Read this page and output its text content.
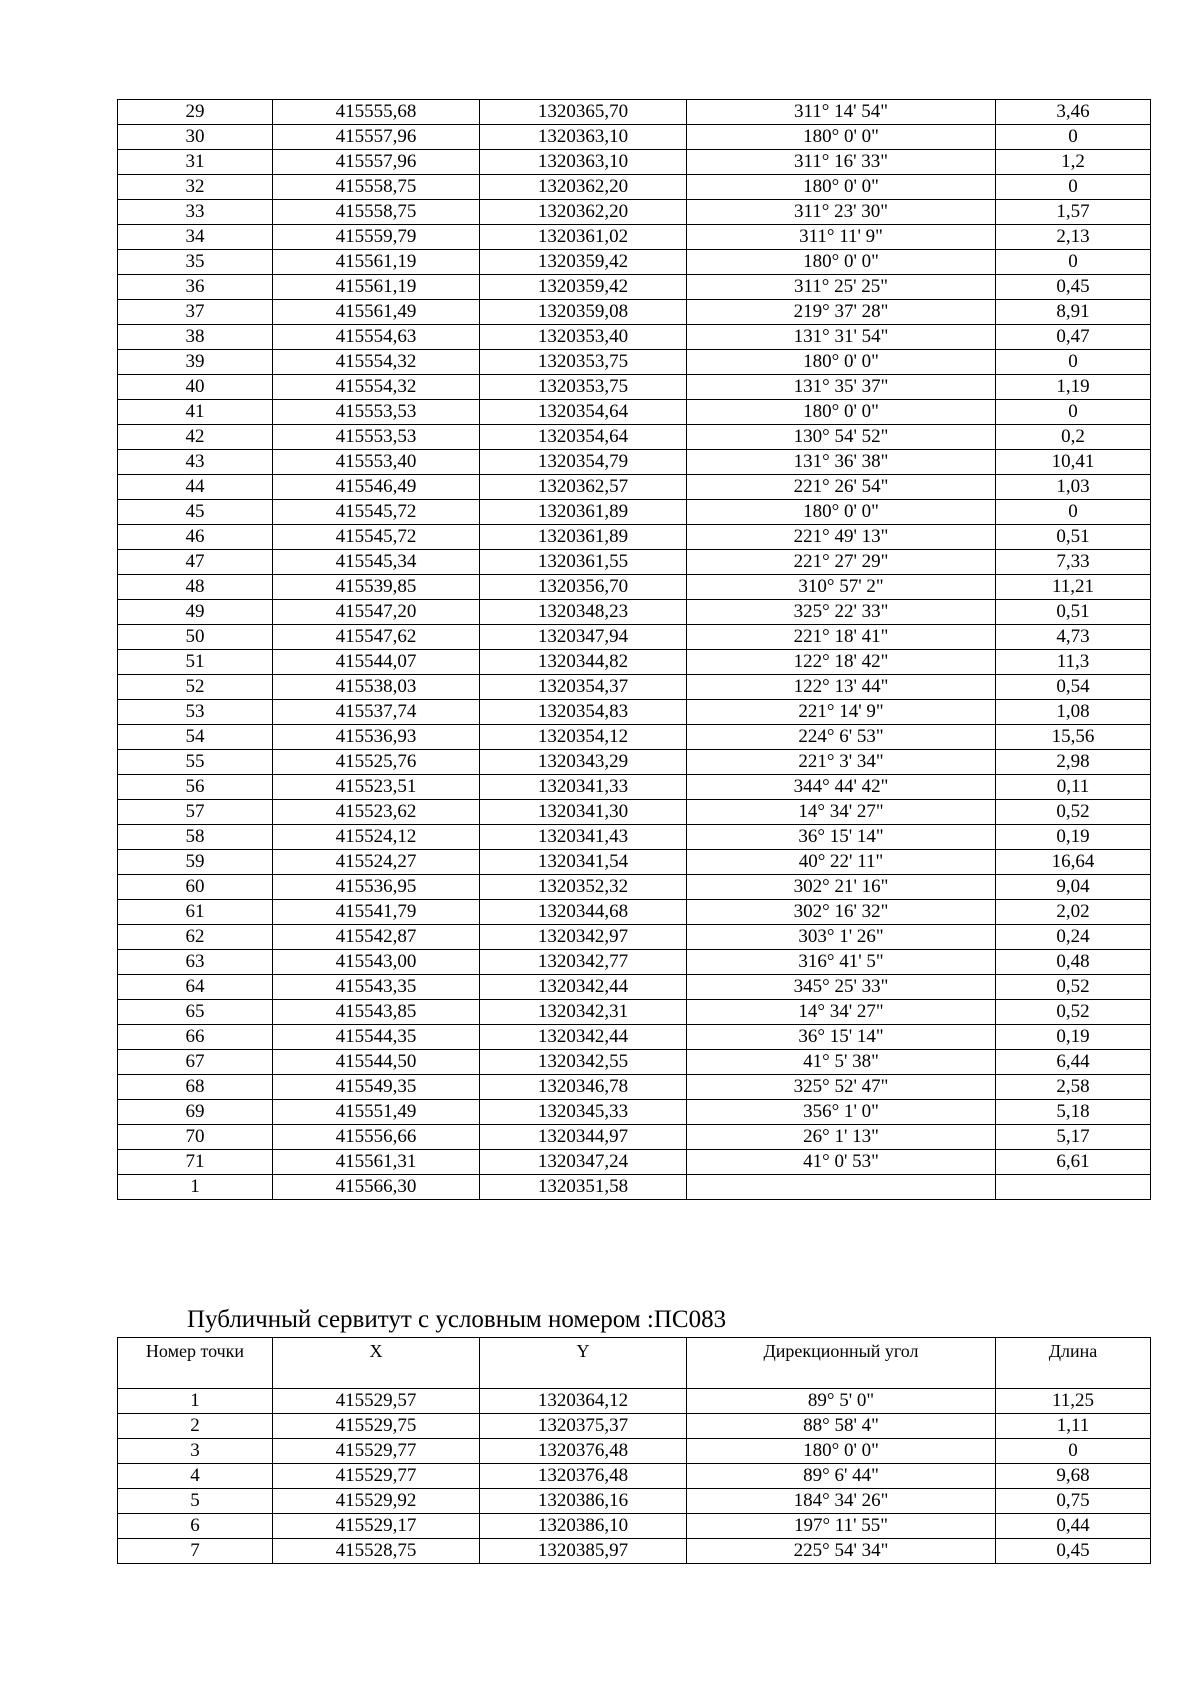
29	415555,68	1320365,70	311° 14' 54"	3,46
30	415557,96	1320363,10	180° 0' 0"	0
31	415557,96	1320363,10	311° 16' 33"	1,2
32	415558,75	1320362,20	180° 0' 0"	0
33	415558,75	1320362,20	311° 23' 30"	1,57
34	415559,79	1320361,02	311° 11' 9"	2,13
35	415561,19	1320359,42	180° 0' 0"	0
36	415561,19	1320359,42	311° 25' 25"	0,45
37	415561,49	1320359,08	219° 37' 28"	8,91
38	415554,63	1320353,40	131° 31' 54"	0,47
39	415554,32	1320353,75	180° 0' 0"	0
40	415554,32	1320353,75	131° 35' 37"	1,19
41	415553,53	1320354,64	180° 0' 0"	0
42	415553,53	1320354,64	130° 54' 52"	0,2
43	415553,40	1320354,79	131° 36' 38"	10,41
44	415546,49	1320362,57	221° 26' 54"	1,03
45	415545,72	1320361,89	180° 0' 0"	0
46	415545,72	1320361,89	221° 49' 13"	0,51
47	415545,34	1320361,55	221° 27' 29"	7,33
48	415539,85	1320356,70	310° 57' 2"	11,21
49	415547,20	1320348,23	325° 22' 33"	0,51
50	415547,62	1320347,94	221° 18' 41"	4,73
51	415544,07	1320344,82	122° 18' 42"	11,3
52	415538,03	1320354,37	122° 13' 44"	0,54
53	415537,74	1320354,83	221° 14' 9"	1,08
54	415536,93	1320354,12	224° 6' 53"	15,56
55	415525,76	1320343,29	221° 3' 34"	2,98
56	415523,51	1320341,33	344° 44' 42"	0,11
57	415523,62	1320341,30	14° 34' 27"	0,52
58	415524,12	1320341,43	36° 15' 14"	0,19
59	415524,27	1320341,54	40° 22' 11"	16,64
60	415536,95	1320352,32	302° 21' 16"	9,04
61	415541,79	1320344,68	302° 16' 32"	2,02
62	415542,87	1320342,97	303° 1' 26"	0,24
63	415543,00	1320342,77	316° 41' 5"	0,48
64	415543,35	1320342,44	345° 25' 33"	0,52
65	415543,85	1320342,31	14° 34' 27"	0,52
66	415544,35	1320342,44	36° 15' 14"	0,19
67	415544,50	1320342,55	41° 5' 38"	6,44
68	415549,35	1320346,78	325° 52' 47"	2,58
69	415551,49	1320345,33	356° 1' 0"	5,18
70	415556,66	1320344,97	26° 1' 13"	5,17
71	415561,31	1320347,24	41° 0' 53"	6,61
1	415566,30	1320351,58		
Публичный сервитут с условным номером :ПС083
Номер точки	X	Y	Дирекционный угол	Длина
1	415529,57	1320364,12	89° 5' 0"	11,25
2	415529,75	1320375,37	88° 58' 4"	1,11
3	415529,77	1320376,48	180° 0' 0"	0
4	415529,77	1320376,48	89° 6' 44"	9,68
5	415529,92	1320386,16	184° 34' 26"	0,75
6	415529,17	1320386,10	197° 11' 55"	0,44
7	415528,75	1320385,97	225° 54' 34"	0,45
